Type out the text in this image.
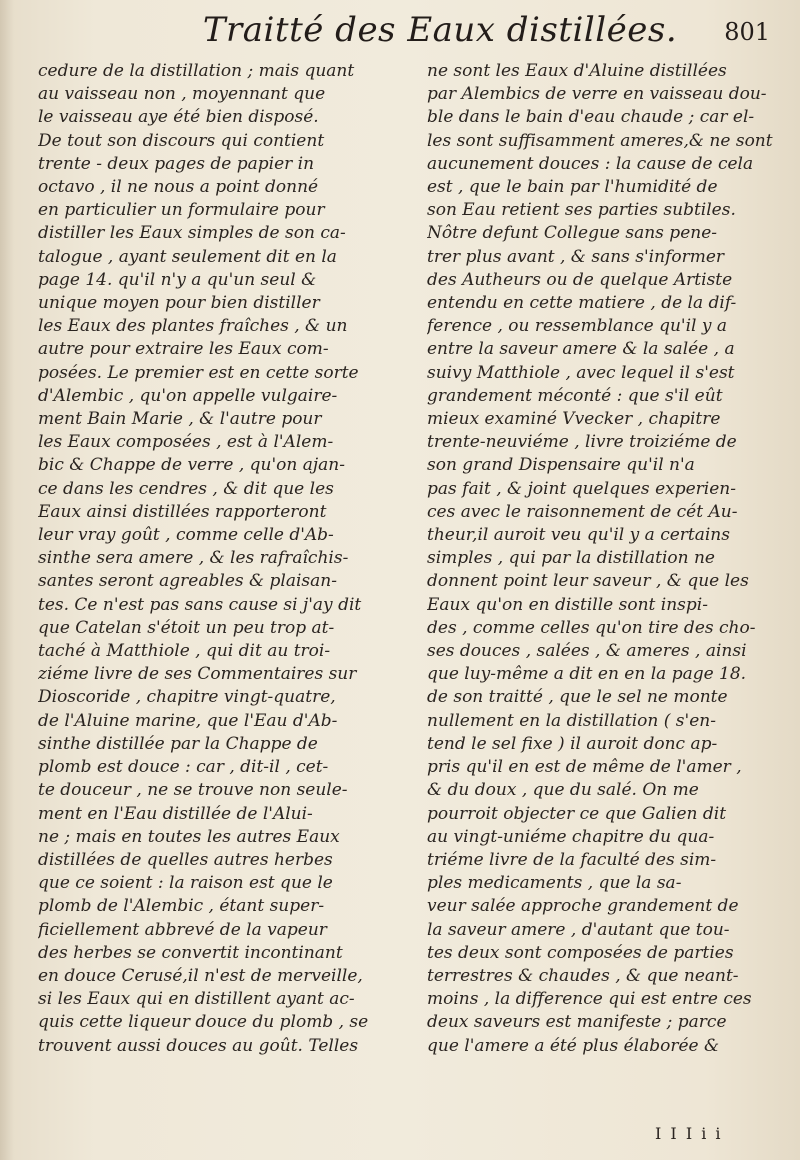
Traitté des Eaux distillées.	801
cedure de la distillation ; mais quant
au vaisseau non , moyennant que
le vaisseau aye été bien disposé.
De tout son discours qui contient
trente - deux pages de papier in
octavo , il ne nous a point donné
en particulier un formulaire pour
distiller les Eaux simples de son ca-
talogue , ayant seulement dit en la
page 14. qu'il n'y a qu'un seul &
unique moyen pour bien distiller
les Eaux des plantes fraîches , & un
autre pour extraire les Eaux com-
posées. Le premier est en cette sorte
d'Alembic , qu'on appelle vulgaire-
ment Bain Marie , & l'autre pour
les Eaux composées , est à l'Alem-
bic & Chappe de verre , qu'on ajan-
ce dans les cendres , & dit que les
Eaux ainsi distillées rapporteront
leur vray goût , comme celle d'Ab-
sinthe sera amere , & les rafraîchis-
santes seront agreables & plaisan-
tes. Ce n'est pas sans cause si j'ay dit
que Catelan s'étoit un peu trop at-
taché à Matthiole , qui dit au troi-
ziéme livre de ses Commentaires sur
Dioscoride , chapitre vingt-quatre,
de l'Aluine marine, que l'Eau d'Ab-
sinthe distillée par la Chappe de
plomb est douce : car , dit-il , cet-
te douceur , ne se trouve non seule-
ment en l'Eau distillée de l'Alui-
ne ; mais en toutes les autres Eaux
distillées de quelles autres herbes
que ce soient : la raison est que le
plomb de l'Alembic , étant super-
ficiellement abbrevé de la vapeur
des herbes se convertit incontinant
en douce Cerusé,il n'est de merveille,
si les Eaux qui en distillent ayant ac-
quis cette liqueur douce du plomb , se
trouvent aussi douces au goût. Telles
ne sont les Eaux d'Aluine distillées
par Alembics de verre en vaisseau dou-
ble dans le bain d'eau chaude ; car el-
les sont suffisamment ameres,& ne sont
aucunement douces : la cause de cela
est , que le bain par l'humidité de
son Eau retient ses parties subtiles.
Nôtre defunt Collegue sans pene-
trer plus avant , & sans s'informer
des Autheurs ou de quelque Artiste
entendu en cette matiere , de la dif-
ference , ou ressemblance qu'il y a
entre la saveur amere & la salée , a
suivy Matthiole , avec lequel il s'est
grandement méconté : que s'il eût
mieux examiné Vvecker , chapitre
trente-neuviéme , livre troiziéme de
son grand Dispensaire qu'il n'a
pas fait , & joint quelques experien-
ces avec le raisonnement de cét Au-
theur,il auroit veu qu'il y a certains
simples , qui par la distillation ne
donnent point leur saveur , & que les
Eaux qu'on en distille sont inspi-
des , comme celles qu'on tire des cho-
ses douces , salées , & ameres , ainsi
que luy-même a dit en en la page 18.
de son traitté , que le sel ne monte
nullement en la distillation ( s'en-
tend le sel fixe ) il auroit donc ap-
pris qu'il en est de même de l'amer ,
& du doux , que du salé. On me
pourroit objecter ce que Galien dit
au vingt-uniéme chapitre du qua-
triéme livre de la faculté des sim-
ples medicaments , que la sa-
veur salée approche grandement de
la saveur amere , d'autant que tou-
tes deux sont composées de parties
terrestres & chaudes , & que neant-
moins , la difference qui est entre ces
deux saveurs est manifeste ; parce
que l'amere a été plus élaborée &
I I I i i
